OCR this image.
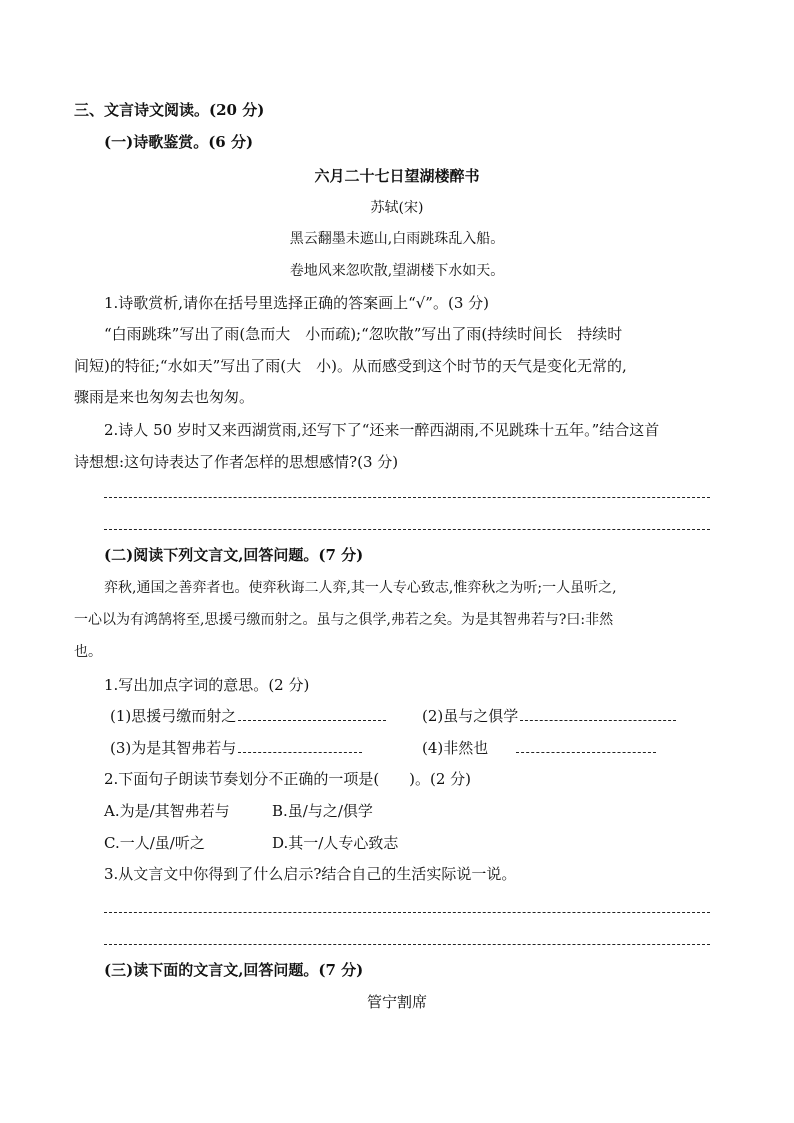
三、文言诗文阅读。(20 分)
(一)诗歌鉴赏。(6 分)
六月二十七日望湖楼醉书
苏轼(宋)
黑云翻墨未遮山,白雨跳珠乱入船。
卷地风来忽吹散,望湖楼下水如天。
1.诗歌赏析,请你在括号里选择正确的答案画上“√”。(3 分)
“白雨跳珠”写出了雨(急而大　小而疏);“忽吹散”写出了雨(持续时间长　持续时
间短)的特征;“水如天”写出了雨(大　小)。从而感受到这个时节的天气是变化无常的,
骤雨是来也匆匆去也匆匆。
2.诗人 50 岁时又来西湖赏雨,还写下了“还来一醉西湖雨,不见跳珠十五年。”结合这首
诗想想:这句诗表达了作者怎样的思想感情?(3 分)
(二)阅读下列文言文,回答问题。(7 分)
弈秋,通国之善弈者也。使弈秋诲二人弈,其一人专心致志,惟弈秋之为听;一人虽听之,
一心以为有鸿鹄将至,思援弓缴而射之。虽与之俱学,弗若之矣。为是其智弗若与?曰:非然
也。
1.写出加点字词的意思。(2 分)
(1)思援弓缴而射之	(2)虽与之俱学
(3)为是其智弗若与	(4)非然也
2.下面句子朗读节奏划分不正确的一项是(　　)。(2 分)
A.为是/其智弗若与	B.虽/与之/俱学
C.一人/虽/听之	D.其一/人专心致志
3.从文言文中你得到了什么启示?结合自己的生活实际说一说。
(三)读下面的文言文,回答问题。(7 分)
管宁割席
